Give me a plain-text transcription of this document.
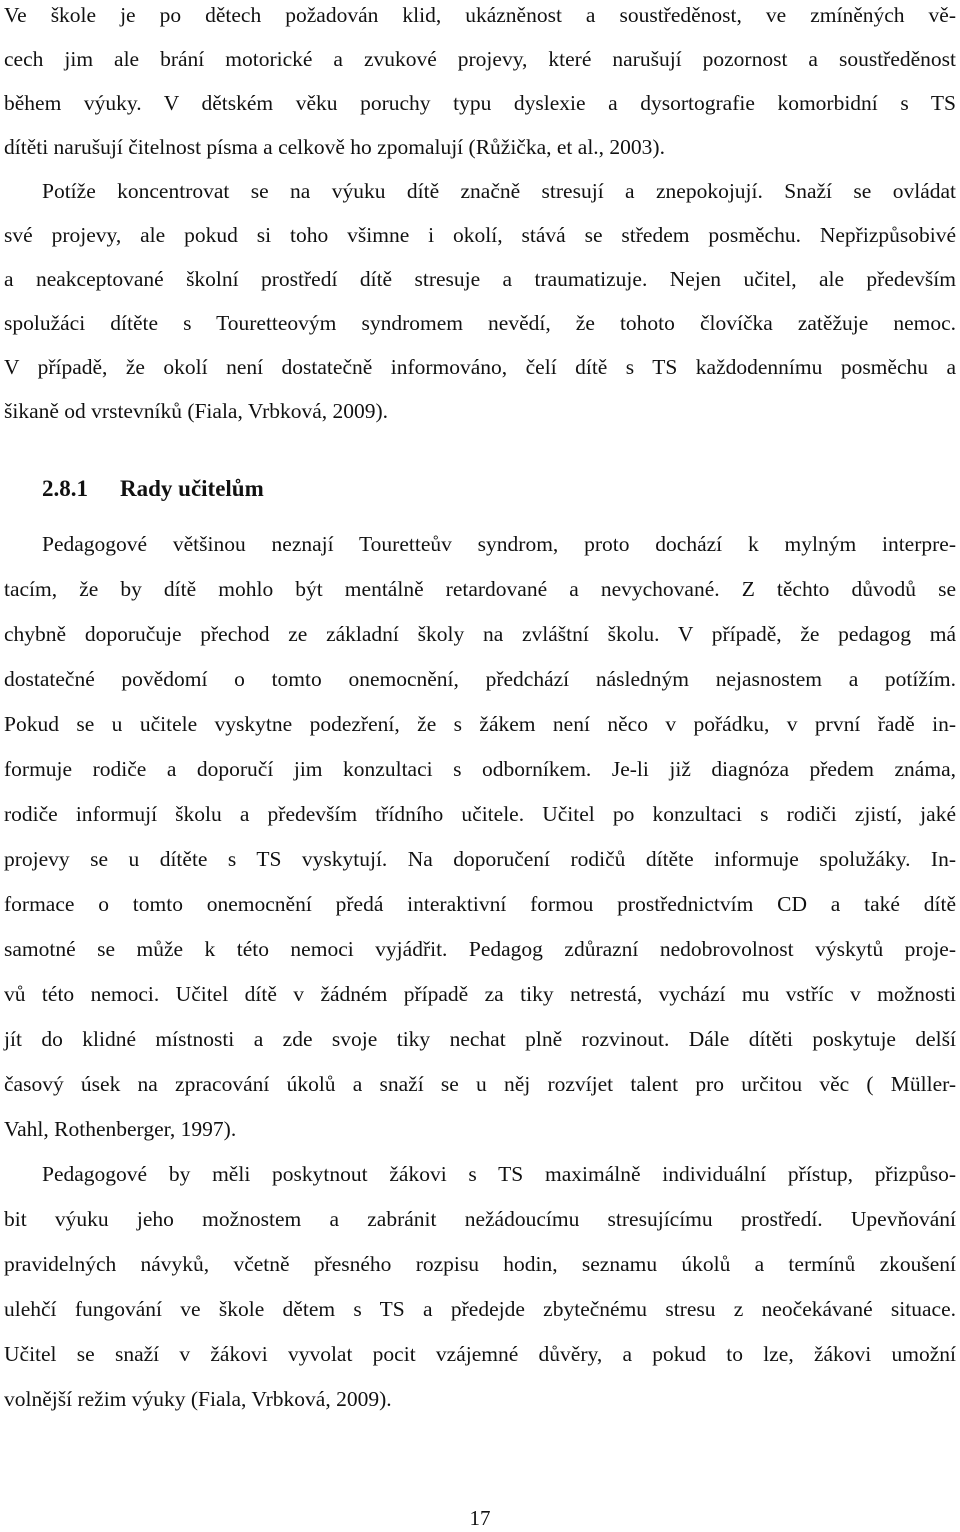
Ve škole je po dětech požadován klid, ukázněnost a soustředěnost, ve zmíněných vě-
cech jim ale brání motorické a zvukové projevy, které narušují pozornost a soustředěnost
během výuky. V dětském věku poruchy typu dyslexie a dysortografie komorbidní s TS
dítěti narušují čitelnost písma a celkově ho zpomalují (Růžička, et al., 2003).
Potíže koncentrovat se na výuku dítě značně stresují a znepokojují. Snaží se ovládat
své projevy, ale pokud si toho všimne i okolí, stává se středem posměchu. Nepřizpůsobivé
a neakceptované školní prostředí dítě stresuje a traumatizuje. Nejen učitel, ale především
spolužáci dítěte s Touretteovým syndromem nevědí, že tohoto človíčka zatěžuje nemoc.
V případě, že okolí není dostatečně informováno, čelí dítě s TS každodennímu posměchu a
šikaně od vrstevníků (Fiala, Vrbková, 2009).
2.8.1 Rady učitelům
Pedagogové většinou neznají Touretteův syndrom, proto dochází k mylným interpre-
tacím, že by dítě mohlo být mentálně retardované a nevychované. Z těchto důvodů se
chybně doporučuje přechod ze základní školy na zvláštní školu. V případě, že pedagog má
dostatečné povědomí o tomto onemocnění, předchází následným nejasnostem a potížím.
Pokud se u učitele vyskytne podezření, že s žákem není něco v pořádku, v první řadě in-
formuje rodiče a doporučí jim konzultaci s odborníkem. Je-li již diagnóza předem známa,
rodiče informují školu a především třídního učitele. Učitel po konzultaci s rodiči zjistí, jaké
projevy se u dítěte s TS vyskytují. Na doporučení rodičů dítěte informuje spolužáky. In-
formace o tomto onemocnění předá interaktivní formou prostřednictvím CD a také dítě
samotné se může k této nemoci vyjádřit. Pedagog zdůrazní nedobrovolnost výskytů proje-
vů této nemoci. Učitel dítě v žádném případě za tiky netrestá, vychází mu vstříc v možnosti
jít do klidné místnosti a zde svoje tiky nechat plně rozvinout. Dále dítěti poskytuje delší
časový úsek na zpracování úkolů a snaží se u něj rozvíjet talent pro určitou věc ( Müller-
Vahl, Rothenberger, 1997).
Pedagogové by měli poskytnout žákovi s TS maximálně individuální přístup, přizpůso-
bit výuku jeho možnostem a zabránit nežádoucímu stresujícímu prostředí. Upevňování
pravidelných návyků, včetně přesného rozpisu hodin, seznamu úkolů a termínů zkoušení
ulehčí fungování ve škole dětem s TS a předejde zbytečnému stresu z neočekávané situace.
Učitel se snaží v žákovi vyvolat pocit vzájemné důvěry, a pokud to lze, žákovi umožní
volnější režim výuky (Fiala, Vrbková, 2009).
17
